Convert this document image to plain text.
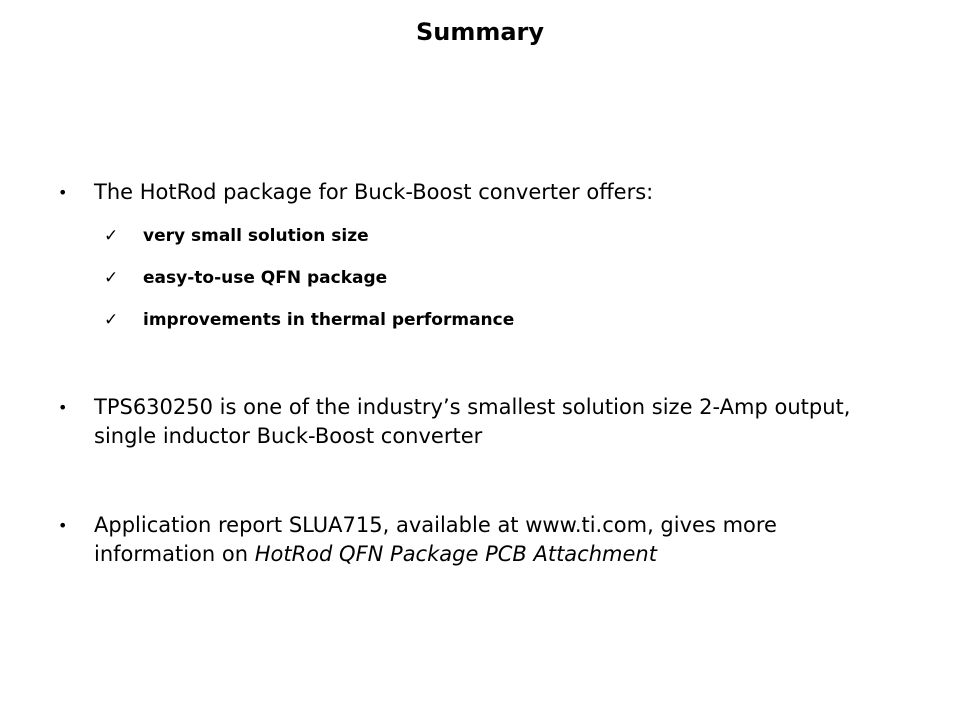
Summary
• The HotRod package for Buck-Boost converter offers:
✓ very small solution size
✓ easy-to-use QFN package
✓ improvements in thermal performance
• TPS630250 is one of the industry’s smallest solution size 2-Amp output, single inductor Buck-Boost converter
• Application report SLUA715, available at www.ti.com, gives more information on HotRod QFN Package PCB Attachment
